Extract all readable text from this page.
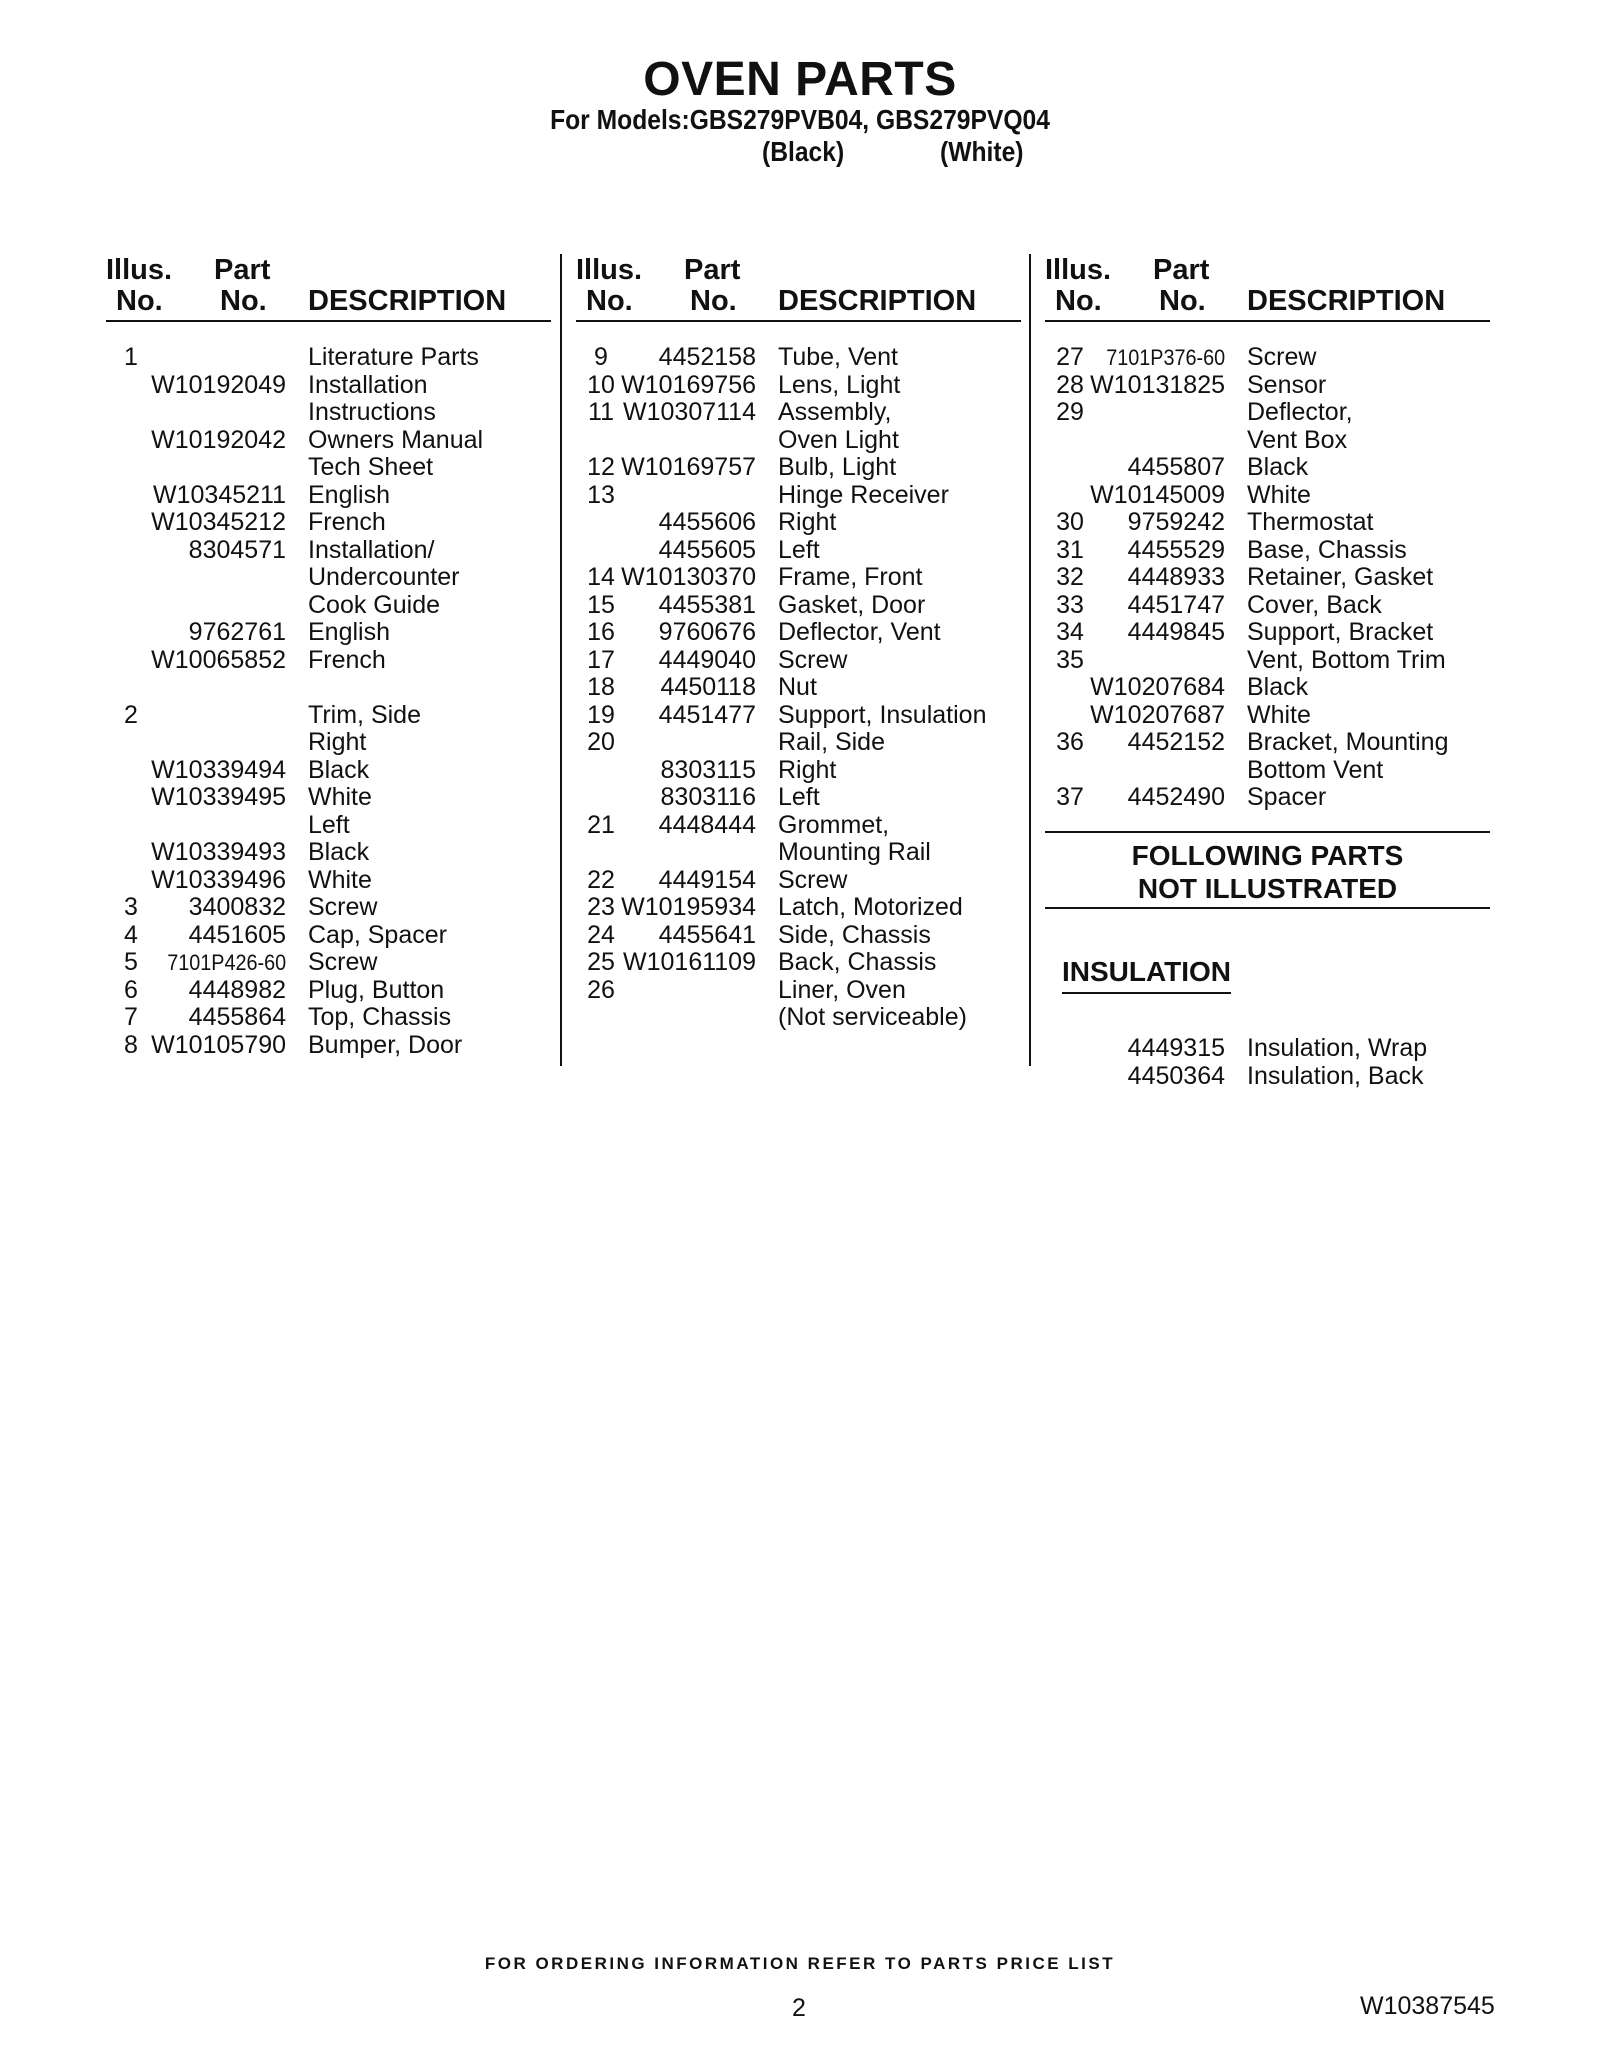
OVEN PARTS
For Models:GBS279PVB04, GBS279PVQ04
(Black)	(White)
Illus.
No.
Part
No. DESCRIPTION
1	Literature Parts
W10192049 Installation
Instructions
W10192042 Owners Manual
Tech Sheet
W10345211 English
W10345212 French
8304571 Installation/
Undercounter
Cook Guide
9762761 English
W10065852 French
2	Trim, Side
Right
W10339494 Black
W10339495 White
Left
W10339493 Black
W10339496 White
3	3400832 Screw
4	4451605 Cap, Spacer
5	7101P426-60 Screw
6	4448982 Plug, Button
7	4455864 Top, Chassis
8 W10105790 Bumper, Door
Illus.
No.
Part
No. DESCRIPTION
9	4452158 Tube, Vent
10 W10169756 Lens, Light
11 W10307114 Assembly,
Oven Light
12 W10169757 Bulb, Light
13	Hinge Receiver
4455606 Right
4455605 Left
14 W10130370 Frame, Front
15	4455381 Gasket, Door
16	9760676 Deflector, Vent
17	4449040 Screw
18	4450118 Nut
19	4451477 Support, Insulation
20	Rail, Side
8303115 Right
8303116 Left
21	4448444 Grommet,
Mounting Rail
22	4449154 Screw
23 W10195934 Latch, Motorized
24	4455641 Side, Chassis
25 W10161109 Back, Chassis
26	Liner, Oven
(Not serviceable)
Illus.
No.
Part
No. DESCRIPTION
27	7101P376-60 Screw
28 W10131825 Sensor
29	Deflector,
Vent Box
4455807 Black
W10145009 White
30	9759242 Thermostat
31	4455529 Base, Chassis
32	4448933 Retainer, Gasket
33	4451747 Cover, Back
34	4449845 Support, Bracket
35	Vent, Bottom Trim
W10207684 Black
W10207687 White
36	4452152 Bracket, Mounting
Bottom Vent
37	4452490 Spacer
FOLLOWING PARTS
NOT ILLUSTRATED
INSULATION
4449315 Insulation, Wrap
4450364 Insulation, Back
FOR ORDERING INFORMATION REFER TO PARTS PRICE LIST
2	W10387545
